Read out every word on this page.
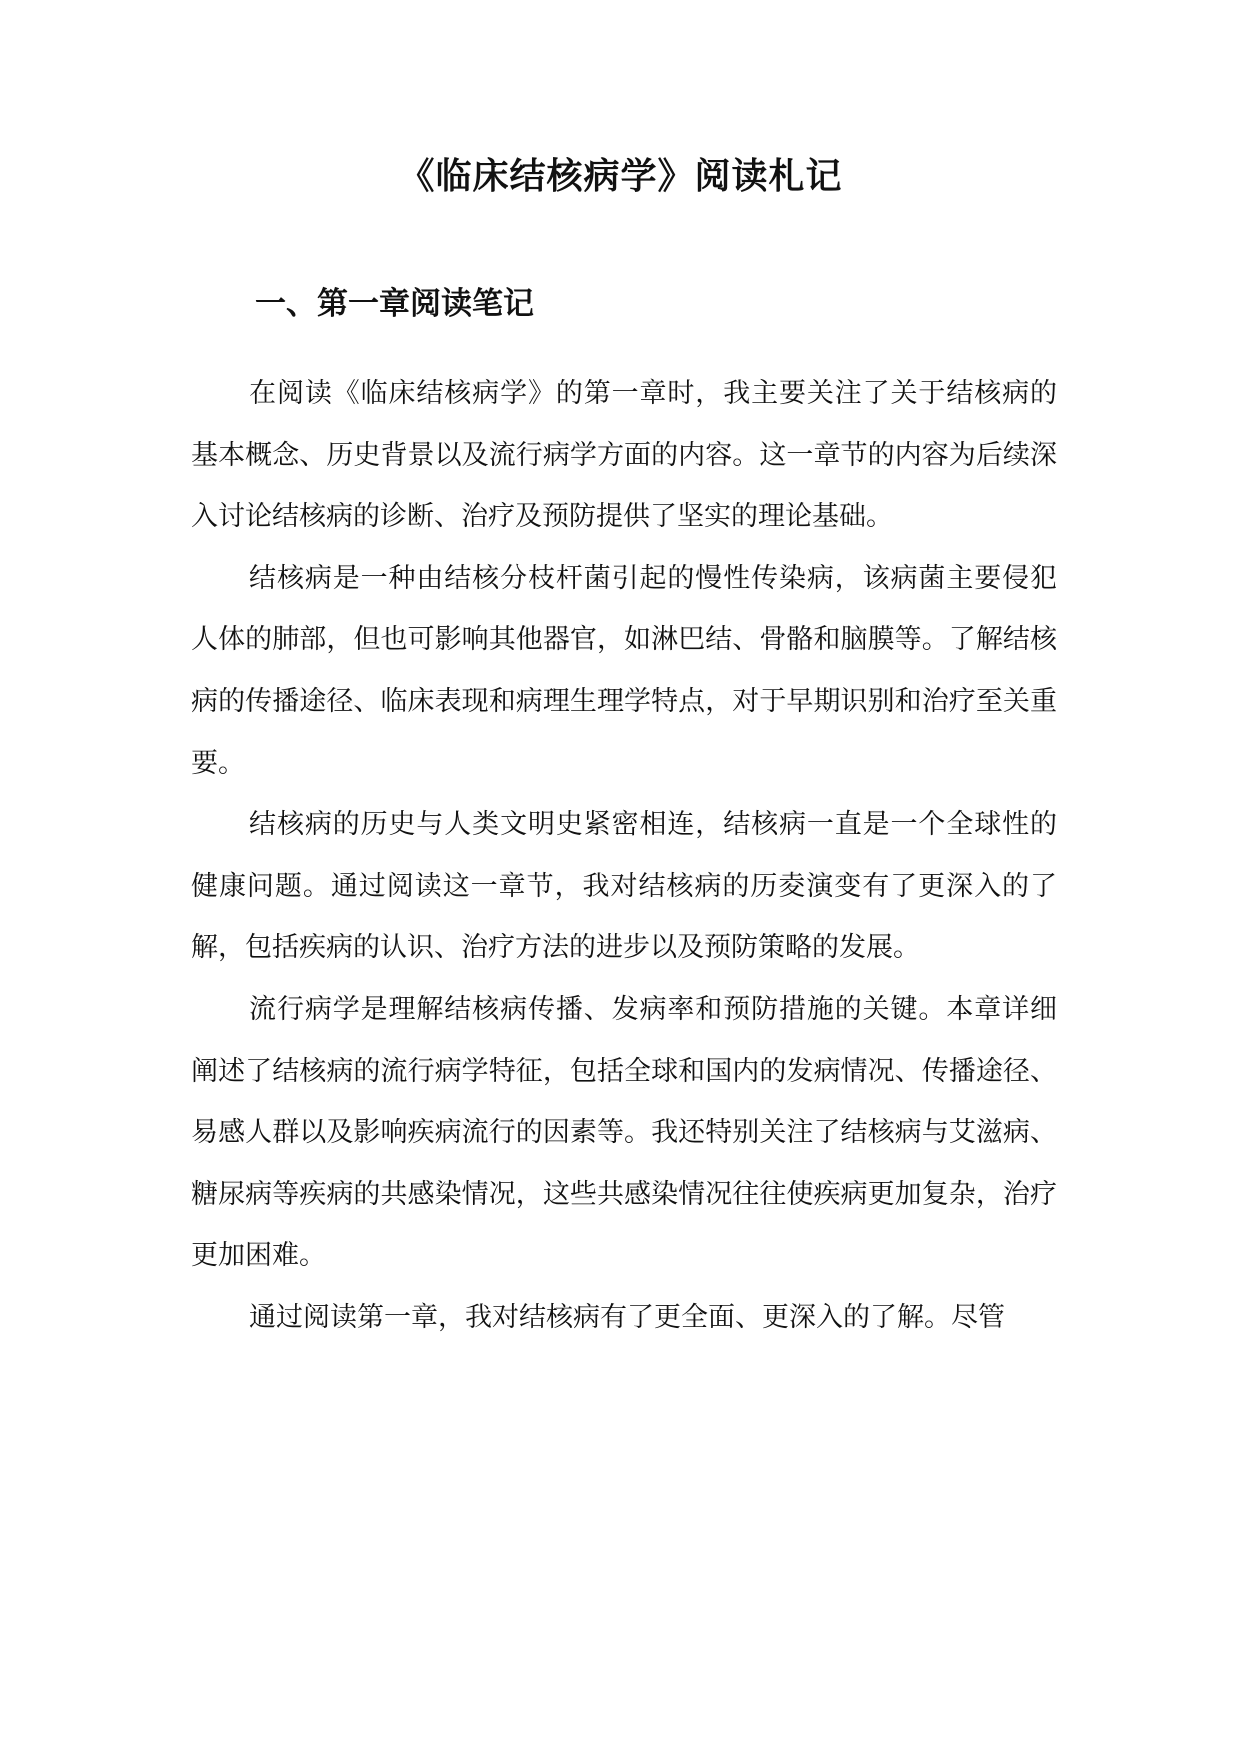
《临床结核病学》阅读札记
一、第一章阅读笔记

在阅读《临床结核病学》的第一章时，我主要关注了关于结核病的基本概念、历史背景以及流行病学方面的内容。这一章节的内容为后续深入讨论结核病的诊断、治疗及预防提供了坚实的理论基础。

结核病是一种由结核分枝杆菌引起的慢性传染病，该病菌主要侵犯人体的肺部，但也可影响其他器官，如淋巴结、骨骼和脑膜等。了解结核病的传播途径、临床表现和病理生理学特点，对于早期识别和治疗至关重要。

结核病的历史与人类文明史紧密相连，结核病一直是一个全球性的健康问题。通过阅读这一章节，我对结核病的历夌演变有了更深入的了解，包括疾病的认识、治疗方法的进步以及预防策略的发展。

流行病学是理解结核病传播、发病率和预防措施的关键。本章详细阐述了结核病的流行病学特征，包括全球和国内的发病情况、传播途径、易感人群以及影响疾病流行的因素等。我还特别关注了结核病与艾滋病、糖尿病等疾病的共感染情况，这些共感染情况往往使疾病更加复杂，治疗更加困难。

通过阅读第一章，我对结核病有了更全面、更深入的了解。尽管
